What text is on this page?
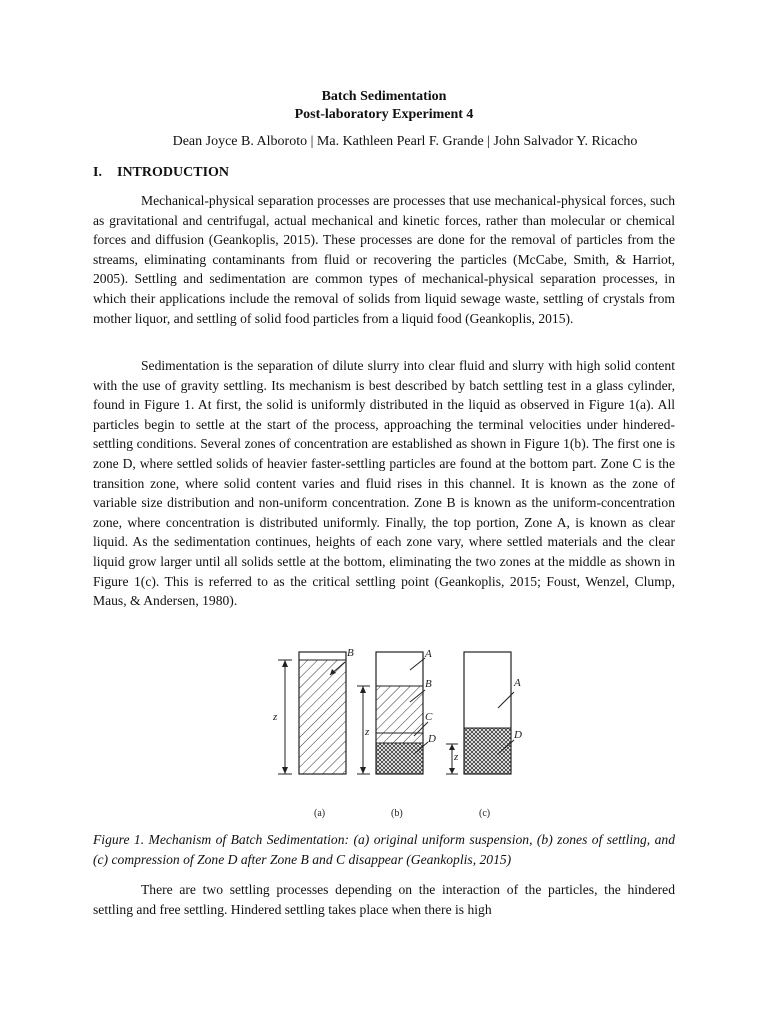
Batch Sedimentation
Post-laboratory Experiment 4
Dean Joyce B. Alboroto | Ma. Kathleen Pearl F. Grande | John Salvador Y. Ricacho
I. INTRODUCTION

Mechanical-physical separation processes are processes that use mechanical-physical forces, such as gravitational and centrifugal, actual mechanical and kinetic forces, rather than molecular or chemical forces and diffusion (Geankoplis, 2015). These processes are done for the removal of particles from the streams, eliminating contaminants from fluid or recovering the particles (McCabe, Smith, & Harriot, 2005). Settling and sedimentation are common types of mechanical-physical separation processes, in which their applications include the removal of solids from liquid sewage waste, settling of crystals from mother liquor, and settling of solid food particles from a liquid food (Geankoplis, 2015).

Sedimentation is the separation of dilute slurry into clear fluid and slurry with high solid content with the use of gravity settling. Its mechanism is best described by batch settling test in a glass cylinder, found in Figure 1. At first, the solid is uniformly distributed in the liquid as observed in Figure 1(a). All particles begin to settle at the start of the process, approaching the terminal velocities under hindered-settling conditions. Several zones of concentration are established as shown in Figure 1(b). The first one is zone D, where settled solids of heavier faster-settling particles are found at the bottom part. Zone C is the transition zone, where solid content varies and fluid rises in this channel. It is known as the zone of variable size distribution and non-uniform concentration. Zone B is known as the uniform-concentration zone, where concentration is distributed uniformly. Finally, the top portion, Zone A, is known as clear liquid. As the sedimentation continues, heights of each zone vary, where settled materials and the clear liquid grow larger until all solids settle at the bottom, eliminating the two zones at the middle as shown in Figure 1(c). This is referred to as the critical settling point (Geankoplis, 2015; Foust, Wenzel, Clump, Maus, & Andersen, 1980).

B
z
A
B
C
D
z
A
D
z
(a)	(b)	(c)

Figure 1. Mechanism of Batch Sedimentation: (a) original uniform suspension, (b) zones of settling, and (c) compression of Zone D after Zone B and C disappear (Geankoplis, 2015)

There are two settling processes depending on the interaction of the particles, the hindered settling and free settling. Hindered settling takes place when there is high
